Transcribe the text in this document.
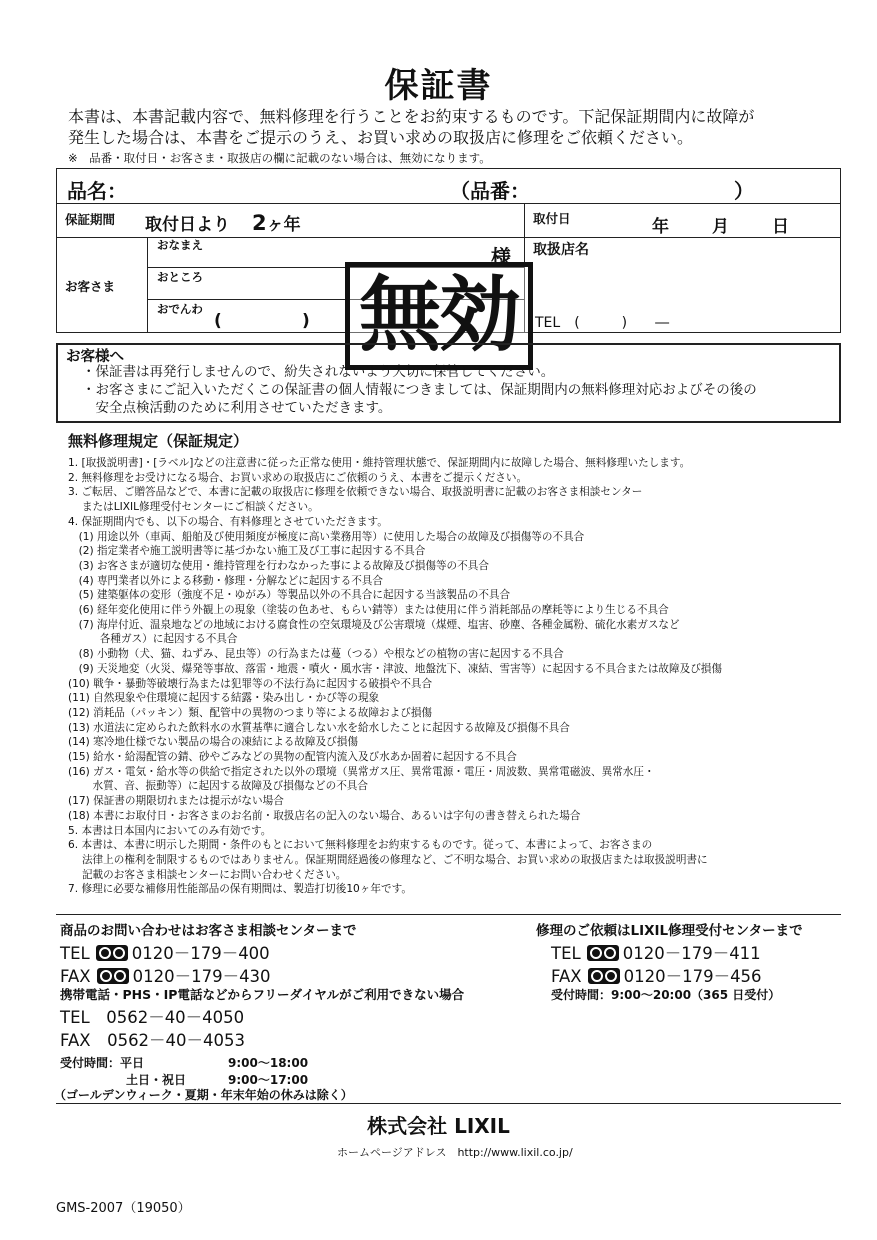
保証書
本書は、本書記載内容で、無料修理を行うことをお約束するものです。下記保証期間内に故障が
発生した場合は、本書をご提示のうえ、お買い求めの取扱店に修理をご依頼ください。
※　品番・取付日・お客さま・取扱店の欄に記載のない場合は、無効になります。
品名：	（品番：	）
保証期間 取付日より 2ヶ年	取付日	年	月	日
お客さま
おなまえ	様
おところ
おでんわ
(	)
取扱店名
TEL　(　　　)　　―
無効
お客様へ
・保証書は再発行しませんので、紛失されないよう大切に保管してください。
・お客さまにご記入いただくこの保証書の個人情報につきましては、保証期間内の無料修理対応およびその後の
　安全点検活動のために利用させていただきます。
無料修理規定（保証規定）
1. [取扱説明書]・[ラベル]などの注意書に従った正常な使用・維持管理状態で、保証期間内に故障した場合、無料修理いたします。
2. 無料修理をお受けになる場合、お買い求めの取扱店にご依頼のうえ、本書をご提示ください。
3. ご転居、ご贈答品などで、本書に記載の取扱店に修理を依頼できない場合、取扱説明書に記載のお客さま相談センター
　 またはLIXIL修理受付センターにご相談ください。
4. 保証期間内でも、以下の場合、有料修理とさせていただきます。
　(1) 用途以外（車両、船舶及び使用頻度が極度に高い業務用等）に使用した場合の故障及び損傷等の不具合
　(2) 指定業者や施工説明書等に基づかない施工及び工事に起因する不具合
　(3) お客さまが適切な使用・維持管理を行わなかった事による故障及び損傷等の不具合
　(4) 専門業者以外による移動・修理・分解などに起因する不具合
　(5) 建築躯体の変形（強度不足・ゆがみ）等製品以外の不具合に起因する当該製品の不具合
　(6) 経年変化使用に伴う外観上の現象（塗装の色あせ、もらい錆等）または使用に伴う消耗部品の摩耗等により生じる不具合
　(7) 海岸付近、温泉地などの地域における腐食性の空気環境及び公害環境（煤煙、塩害、砂塵、各種金属粉、硫化水素ガスなど
　　　各種ガス）に起因する不具合
　(8) 小動物（犬、猫、ねずみ、昆虫等）の行為または蔓（つる）や根などの植物の害に起因する不具合
　(9) 天災地変（火災、爆発等事故、落雷・地震・噴火・風水害・津波、地盤沈下、凍結、雪害等）に起因する不具合または故障及び損傷
(10) 戦争・暴動等破壊行為または犯罪等の不法行為に起因する破損や不具合
(11) 自然現象や住環境に起因する結露・染み出し・かび等の現象
(12) 消耗品（パッキン）類、配管中の異物のつまり等による故障および損傷
(13) 水道法に定められた飲料水の水質基準に適合しない水を給水したことに起因する故障及び損傷不具合
(14) 寒冷地仕様でない製品の場合の凍結による故障及び損傷
(15) 給水・給湯配管の錆、砂やごみなどの異物の配管内流入及び水あか固着に起因する不具合
(16) ガス・電気・給水等の供給で指定された以外の環境（異常ガス圧、異常電源・電圧・周波数、異常電磁波、異常水圧・
　　 水質、音、振動等）に起因する故障及び損傷などの不具合
(17) 保証書の期限切れまたは提示がない場合
(18) 本書にお取付日・お客さまのお名前・取扱店名の記入のない場合、あるいは字句の書き替えられた場合
5. 本書は日本国内においてのみ有効です。
6. 本書は、本書に明示した期間・条件のもとにおいて無料修理をお約束するものです。従って、本書によって、お客さまの
　 法律上の権利を制限するものではありません。保証期間経過後の修理など、ご不明な場合、お買い求めの取扱店または取扱説明書に
　 記載のお客さま相談センターにお問い合わせください。
7. 修理に必要な補修用性能部品の保有期間は、製造打切後10ヶ年です。
商品のお問い合わせはお客さま相談センターまで
TEL	0120－179－400
FAX	0120－179－430
携帯電話・PHS・IP電話などからフリーダイヤルがご利用できない場合
TEL　0562－40－4050
FAX　0562－40－4053
受付時間：平日	9:00～18:00
土日・祝日	9:00～17:00
（ゴールデンウィーク・夏期・年末年始の休みは除く）
修理のご依頼はLIXIL修理受付センターまで
TEL	0120－179－411
FAX	0120－179－456
受付時間：9:00～20:00（365 日受付）
株式会社 LIXIL
ホームページアドレス　http://www.lixil.co.jp/
GMS-2007（19050）
